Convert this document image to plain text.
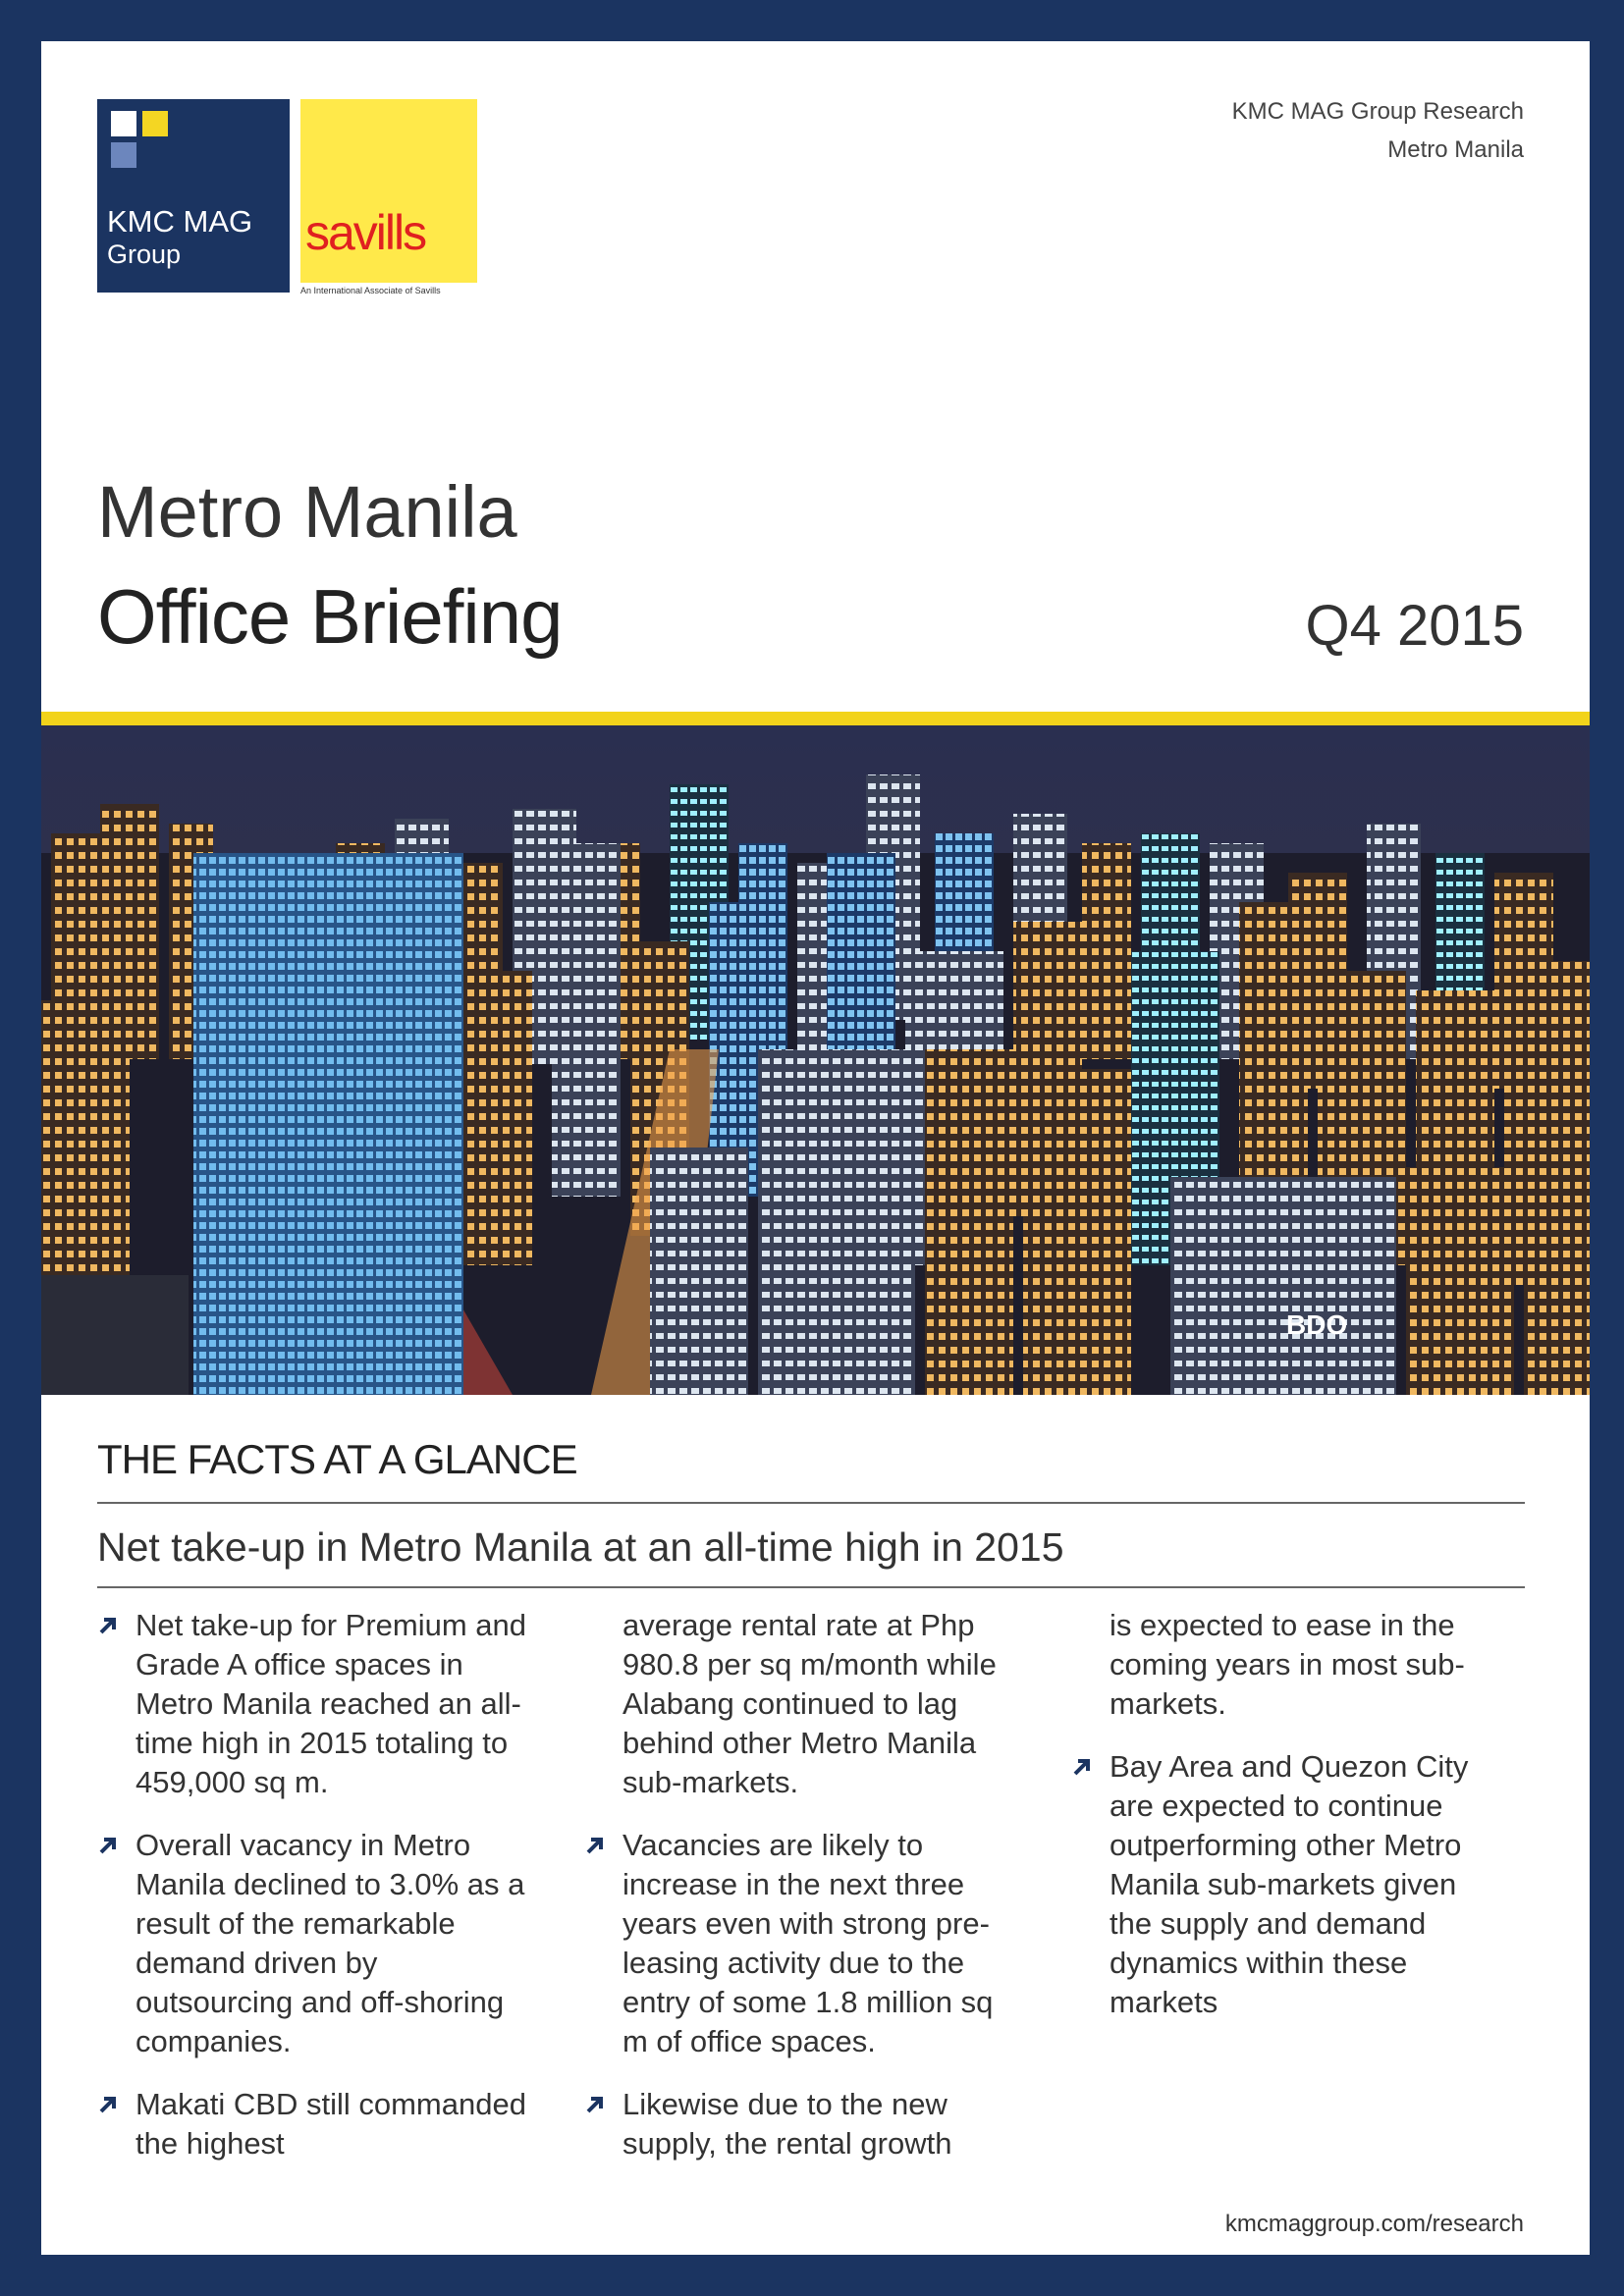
KMC MAG
Group	savills
An International Associate of Savills
KMC MAG Group Research
Metro Manila
Metro Manila
Office Briefing	Q4 2015
BDO
THE FACTS AT A GLANCE
Net take-up in Metro Manila at an all-time high in 2015
Net take-up for Premium and Grade A office spaces in Metro Manila reached an all-time high in 2015 totaling to 459,000 sq m.
Overall vacancy in Metro Manila declined to 3.0% as a result of the remarkable demand driven by outsourcing and off-shoring companies.
Makati CBD still commanded the highest
average rental rate at Php 980.8 per sq m/month while Alabang continued to lag behind other Metro Manila sub-markets.
Vacancies are likely to increase in the next three years even with strong pre-leasing activity due to the entry of some 1.8 million sq m of office spaces.
Likewise due to the new supply, the rental growth
is expected to ease in the coming years in most sub-markets.
Bay Area and Quezon City are expected to continue outperforming other Metro Manila sub-markets given the supply and demand dynamics within these markets
kmcmaggroup.com/research
